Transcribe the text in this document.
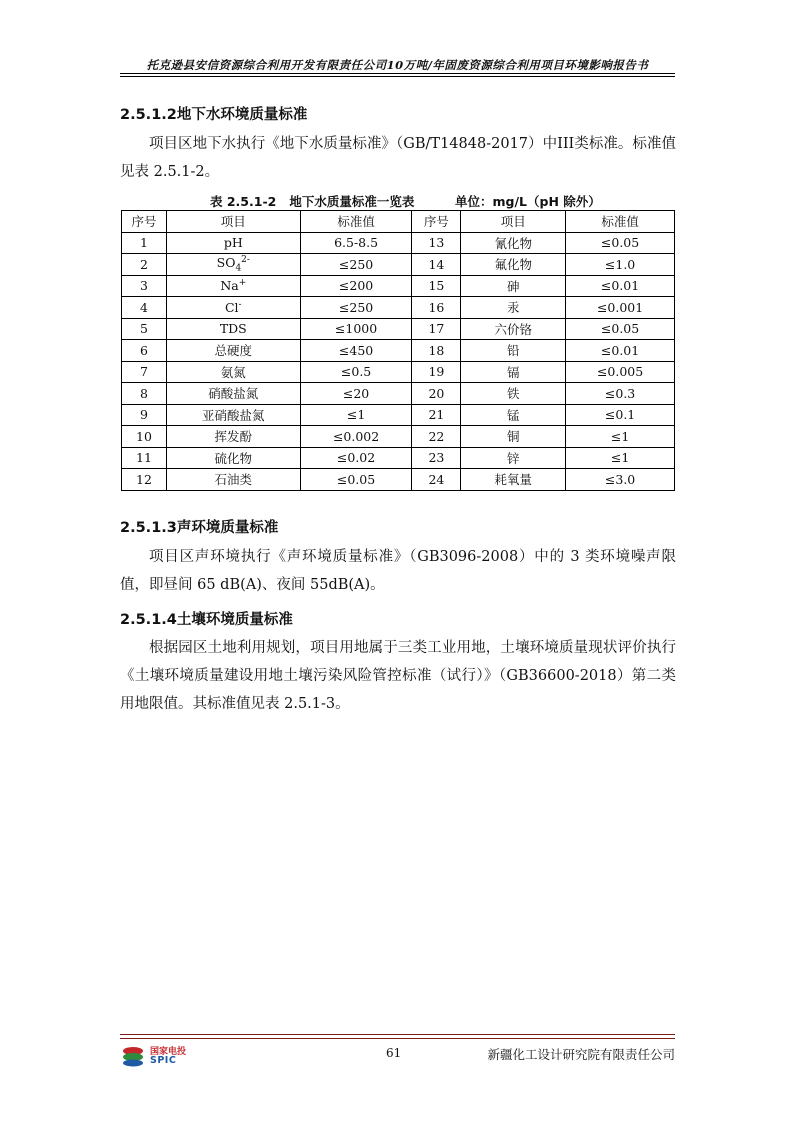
托克逊县安信资源综合利用开发有限责任公司10万吨/年固废资源综合利用项目环境影响报告书
2.5.1.2地下水环境质量标准

项目区地下水执行《地下水质量标准》（GB/T14848-2017）中III类标准。标准值见表 2.5.1-2。

表 2.5.1-2 地下水质量标准一览表	单位：mg/L（pH 除外）
序号	项目	标准值	序号	项目	标准值
1	pH	6.5-8.5	13	氰化物	≤0.05
2	$SO_4^{2-}$	≤250	14	氟化物	≤1.0
3	Na+	≤200	15	砷	≤0.01
4	Cl-	≤250	16	汞	≤0.001
5	TDS	≤1000	17	六价铬	≤0.05
6	总硬度	≤450	18	铅	≤0.01
7	氨氮	≤0.5	19	镉	≤0.005
8	硝酸盐氮	≤20	20	铁	≤0.3
9	亚硝酸盐氮	≤1	21	锰	≤0.1
10	挥发酚	≤0.002	22	铜	≤1
11	硫化物	≤0.02	23	锌	≤1
12	石油类	≤0.05	24	耗氧量	≤3.0
2.5.1.3声环境质量标准

项目区声环境执行《声环境质量标准》（GB3096-2008）中的 3 类环境噪声限值，即昼间 65 dB(A)、夜间 55dB(A)。

2.5.1.4土壤环境质量标准

根据园区土地利用规划，项目用地属于三类工业用地，土壤环境质量现状评价执行《土壤环境质量建设用地土壤污染风险管控标准（试行）》（GB36600-2018）第二类用地限值。其标准值见表 2.5.1-3。

国家电投
SPIC
61	新疆化工设计研究院有限责任公司
